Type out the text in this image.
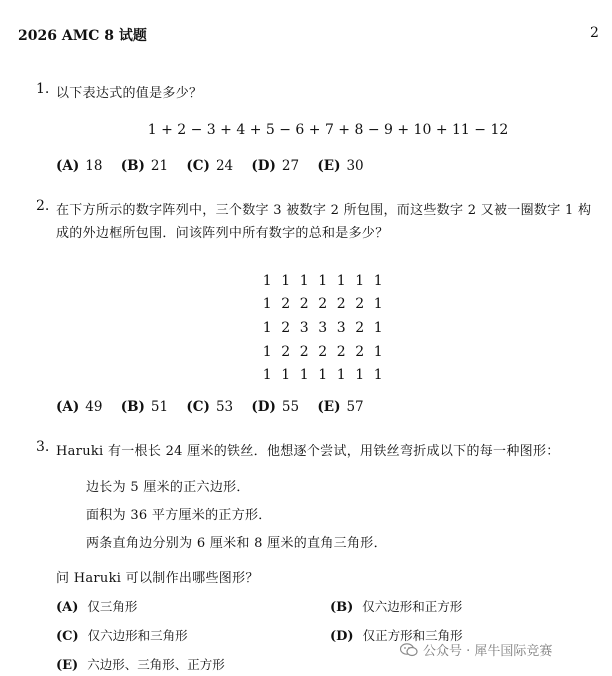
2026 AMC 8 试题	2
1. 以下表达式的值是多少？
1 + 2 − 3 + 4 + 5 − 6 + 7 + 8 − 9 + 10 + 11 − 12
(A) 18 (B) 21 (C) 24 (D) 27 (E) 30
2. 在下方所示的数字阵列中，三个数字 3 被数字 2 所包围，而这些数字 2 又被一圈数字 1 构
成的外边框所包围．问该阵列中所有数字的总和是多少？
1	1	1	1	1	1	1
1	2	2	2	2	2	1
1	2	3	3	3	2	1
1	2	2	2	2	2	1
1	1	1	1	1	1	1
(A) 49 (B) 51 (C) 53 (D) 55 (E) 57
3. Haruki 有一根长 24 厘米的铁丝．他想逐个尝试，用铁丝弯折成以下的每一种图形：
边长为 5 厘米的正六边形．
面积为 36 平方厘米的正方形．
两条直角边分别为 6 厘米和 8 厘米的直角三角形．
问 Haruki 可以制作出哪些图形？
(A) 仅三角形	(B) 仅六边形和正方形
(C) 仅六边形和三角形	(D) 仅正方形和三角形
(E) 六边形、三角形、正方形
公众号 · 犀牛国际竞赛
